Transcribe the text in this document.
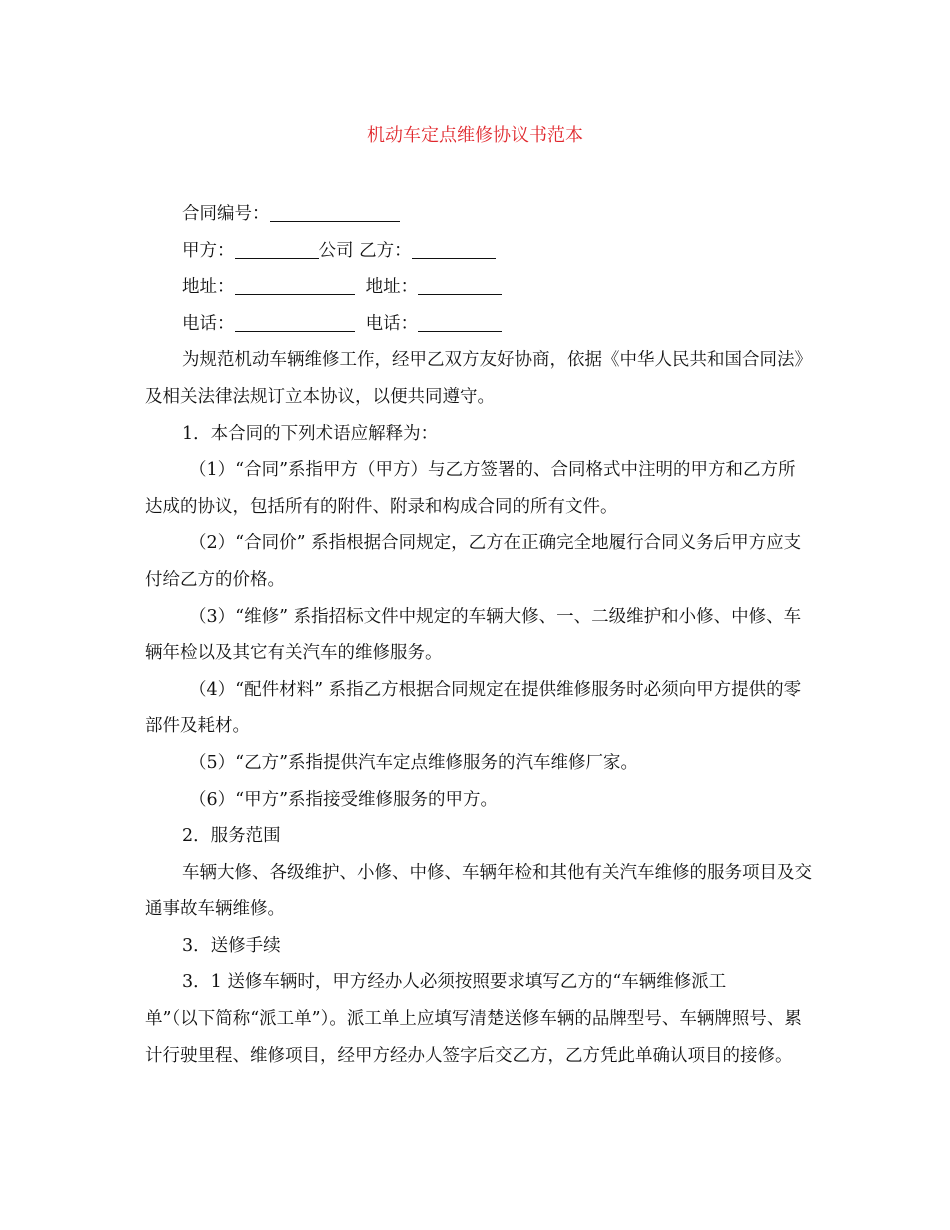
机动车定点维修协议书范本

合同编号：

甲方：	公司 乙方：

地址：	地址：

电话：	电话：

为规范机动车辆维修工作，经甲乙双方友好协商，依据《中华人民共和国合同法》及相关法律法规订立本协议，以便共同遵守。

1．本合同的下列术语应解释为：

（1）“合同”系指甲方（甲方）与乙方签署的、合同格式中注明的甲方和乙方所达成的协议，包括所有的附件、附录和构成合同的所有文件。

（2）“合同价” 系指根据合同规定，乙方在正确完全地履行合同义务后甲方应支付给乙方的价格。

（3）“维修” 系指招标文件中规定的车辆大修、一、二级维护和小修、中修、车辆年检以及其它有关汽车的维修服务。

（4）“配件材料” 系指乙方根据合同规定在提供维修服务时必须向甲方提供的零部件及耗材。

（5）“乙方”系指提供汽车定点维修服务的汽车维修厂家。

（6）“甲方”系指接受维修服务的甲方。

2．服务范围

车辆大修、各级维护、小修、中修、车辆年检和其他有关汽车维修的服务项目及交通事故车辆维修。

3．送修手续

3．1 送修车辆时，甲方经办人必须按照要求填写乙方的“车辆维修派工

单”（以下简称“派工单”）。派工单上应填写清楚送修车辆的品牌型号、车辆牌照号、累计行驶里程、维修项目，经甲方经办人签字后交乙方，乙方凭此单确认项目的接修。
